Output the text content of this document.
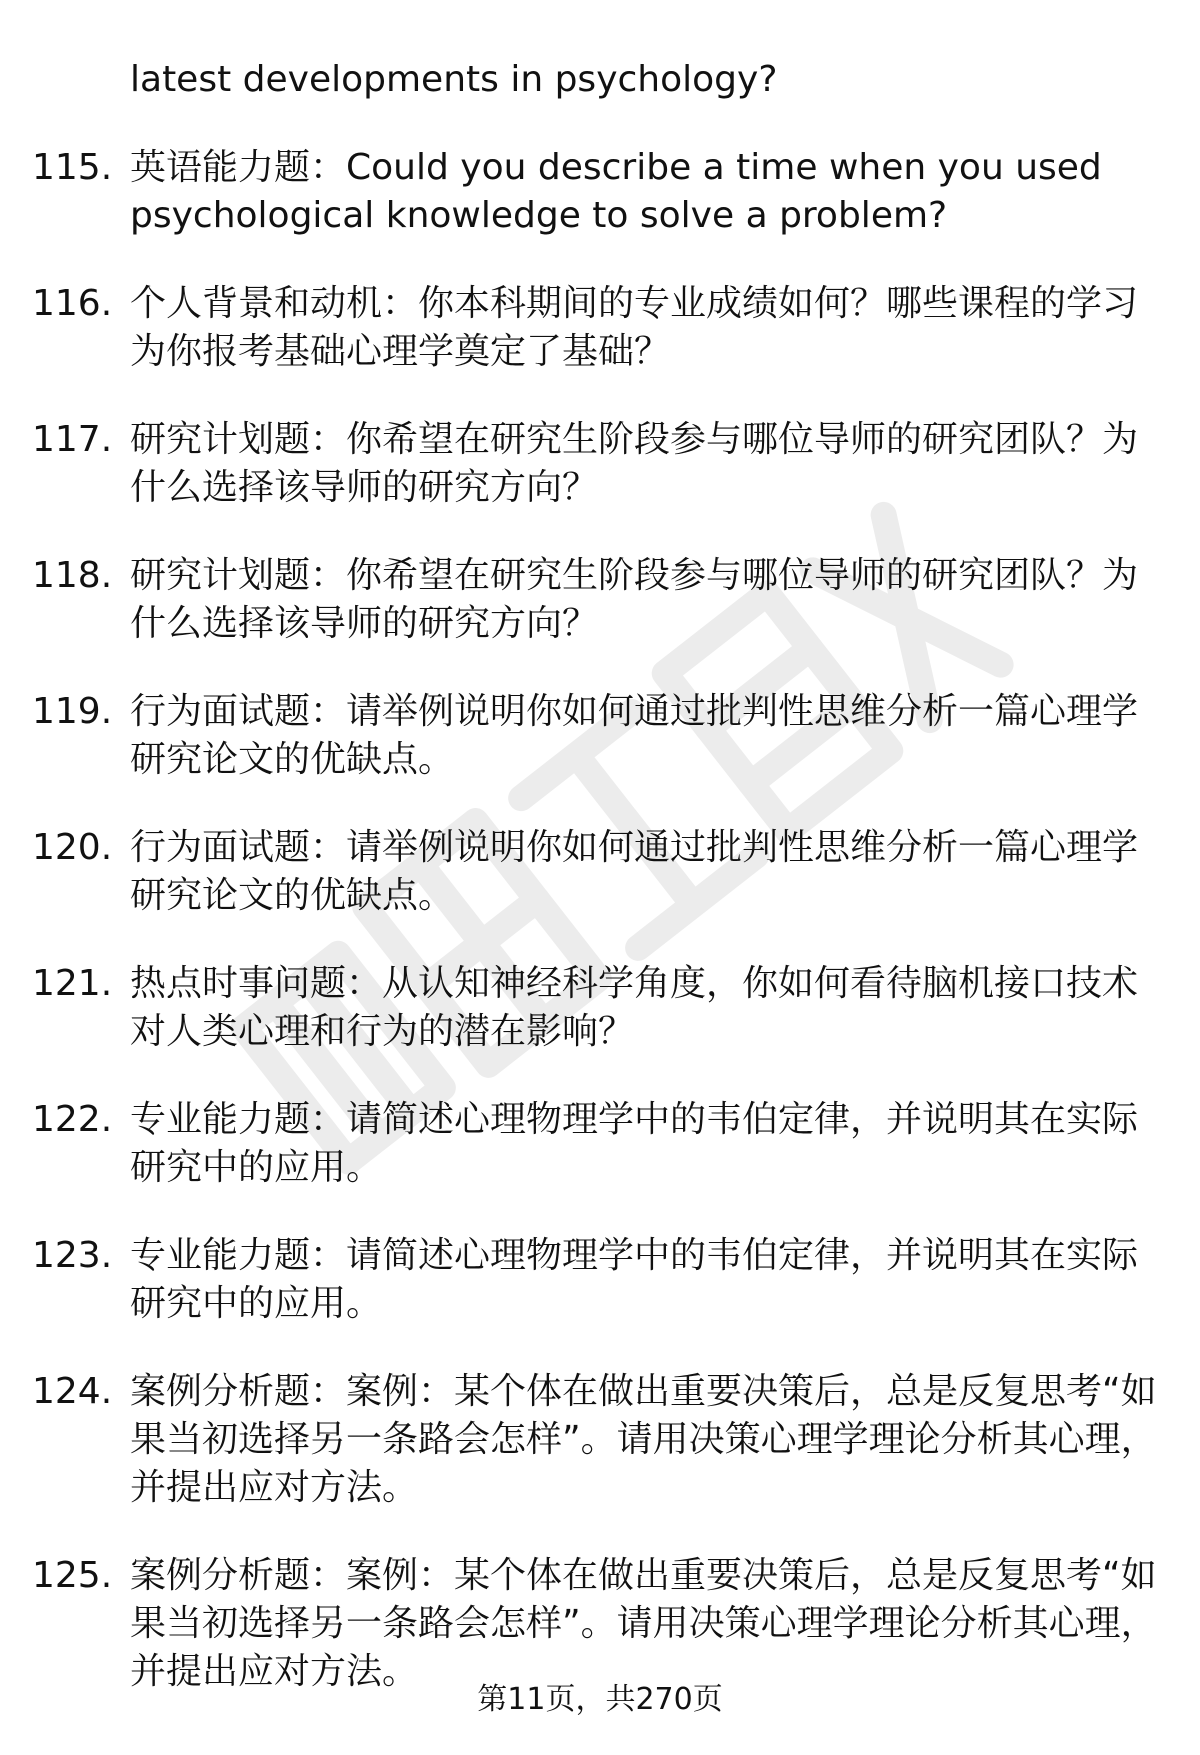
latest developments in psychology?
115. 英语能力题：Could you describe a time when you used psychological knowledge to solve a problem?
116. 个人背景和动机：你本科期间的专业成绩如何？哪些课程的学习为你报考基础心理学奠定了基础？
117. 研究计划题：你希望在研究生阶段参与哪位导师的研究团队？为什么选择该导师的研究方向？
118. 研究计划题：你希望在研究生阶段参与哪位导师的研究团队？为什么选择该导师的研究方向？
119. 行为面试题：请举例说明你如何通过批判性思维分析一篇心理学研究论文的优缺点。
120. 行为面试题：请举例说明你如何通过批判性思维分析一篇心理学研究论文的优缺点。
121. 热点时事问题：从认知神经科学角度，你如何看待脑机接口技术对人类心理和行为的潜在影响？
122. 专业能力题：请简述心理物理学中的韦伯定律，并说明其在实际研究中的应用。
123. 专业能力题：请简述心理物理学中的韦伯定律，并说明其在实际研究中的应用。
124. 案例分析题：案例：某个体在做出重要决策后，总是反复思考“如果当初选择另一条路会怎样”。请用决策心理学理论分析其心理，并提出应对方法。
125. 案例分析题：案例：某个体在做出重要决策后，总是反复思考“如果当初选择另一条路会怎样”。请用决策心理学理论分析其心理，并提出应对方法。
第11页，共270页
